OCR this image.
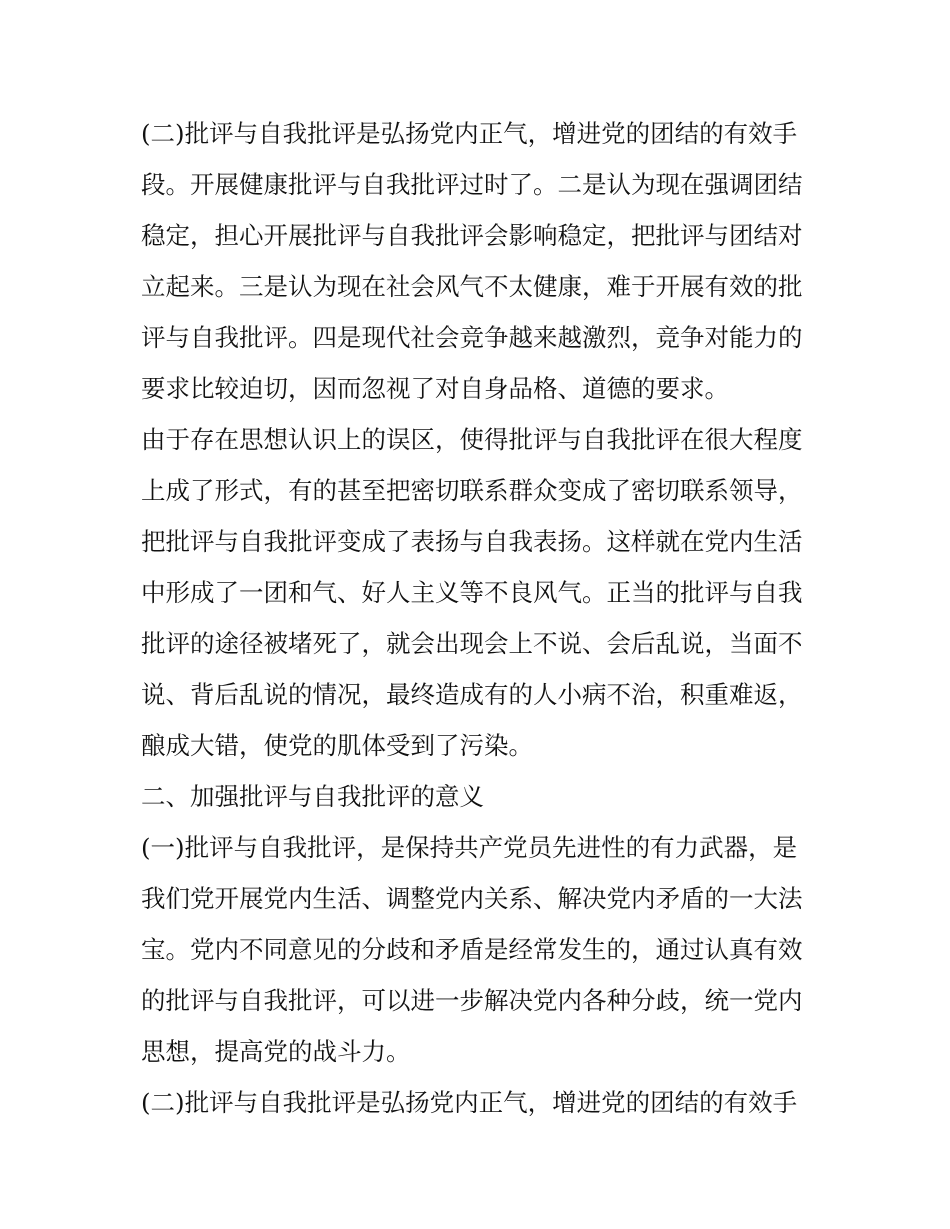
(二)批评与自我批评是弘扬党内正气，增进党的团结的有效手
段。开展健康批评与自我批评过时了。二是认为现在强调团结
稳定，担心开展批评与自我批评会影响稳定，把批评与团结对
立起来。三是认为现在社会风气不太健康，难于开展有效的批
评与自我批评。四是现代社会竞争越来越激烈，竞争对能力的
要求比较迫切，因而忽视了对自身品格、道德的要求。

由于存在思想认识上的误区，使得批评与自我批评在很大程度
上成了形式，有的甚至把密切联系群众变成了密切联系领导，
把批评与自我批评变成了表扬与自我表扬。这样就在党内生活
中形成了一团和气、好人主义等不良风气。正当的批评与自我
批评的途径被堵死了，就会出现会上不说、会后乱说，当面不
说、背后乱说的情况，最终造成有的人小病不治，积重难返，
酿成大错，使党的肌体受到了污染。

二、加强批评与自我批评的意义

(一)批评与自我批评，是保持共产党员先进性的有力武器，是
我们党开展党内生活、调整党内关系、解决党内矛盾的一大法
宝。党内不同意见的分歧和矛盾是经常发生的，通过认真有效
的批评与自我批评，可以进一步解决党内各种分歧，统一党内
思想，提高党的战斗力。

(二)批评与自我批评是弘扬党内正气，增进党的团结的有效手
